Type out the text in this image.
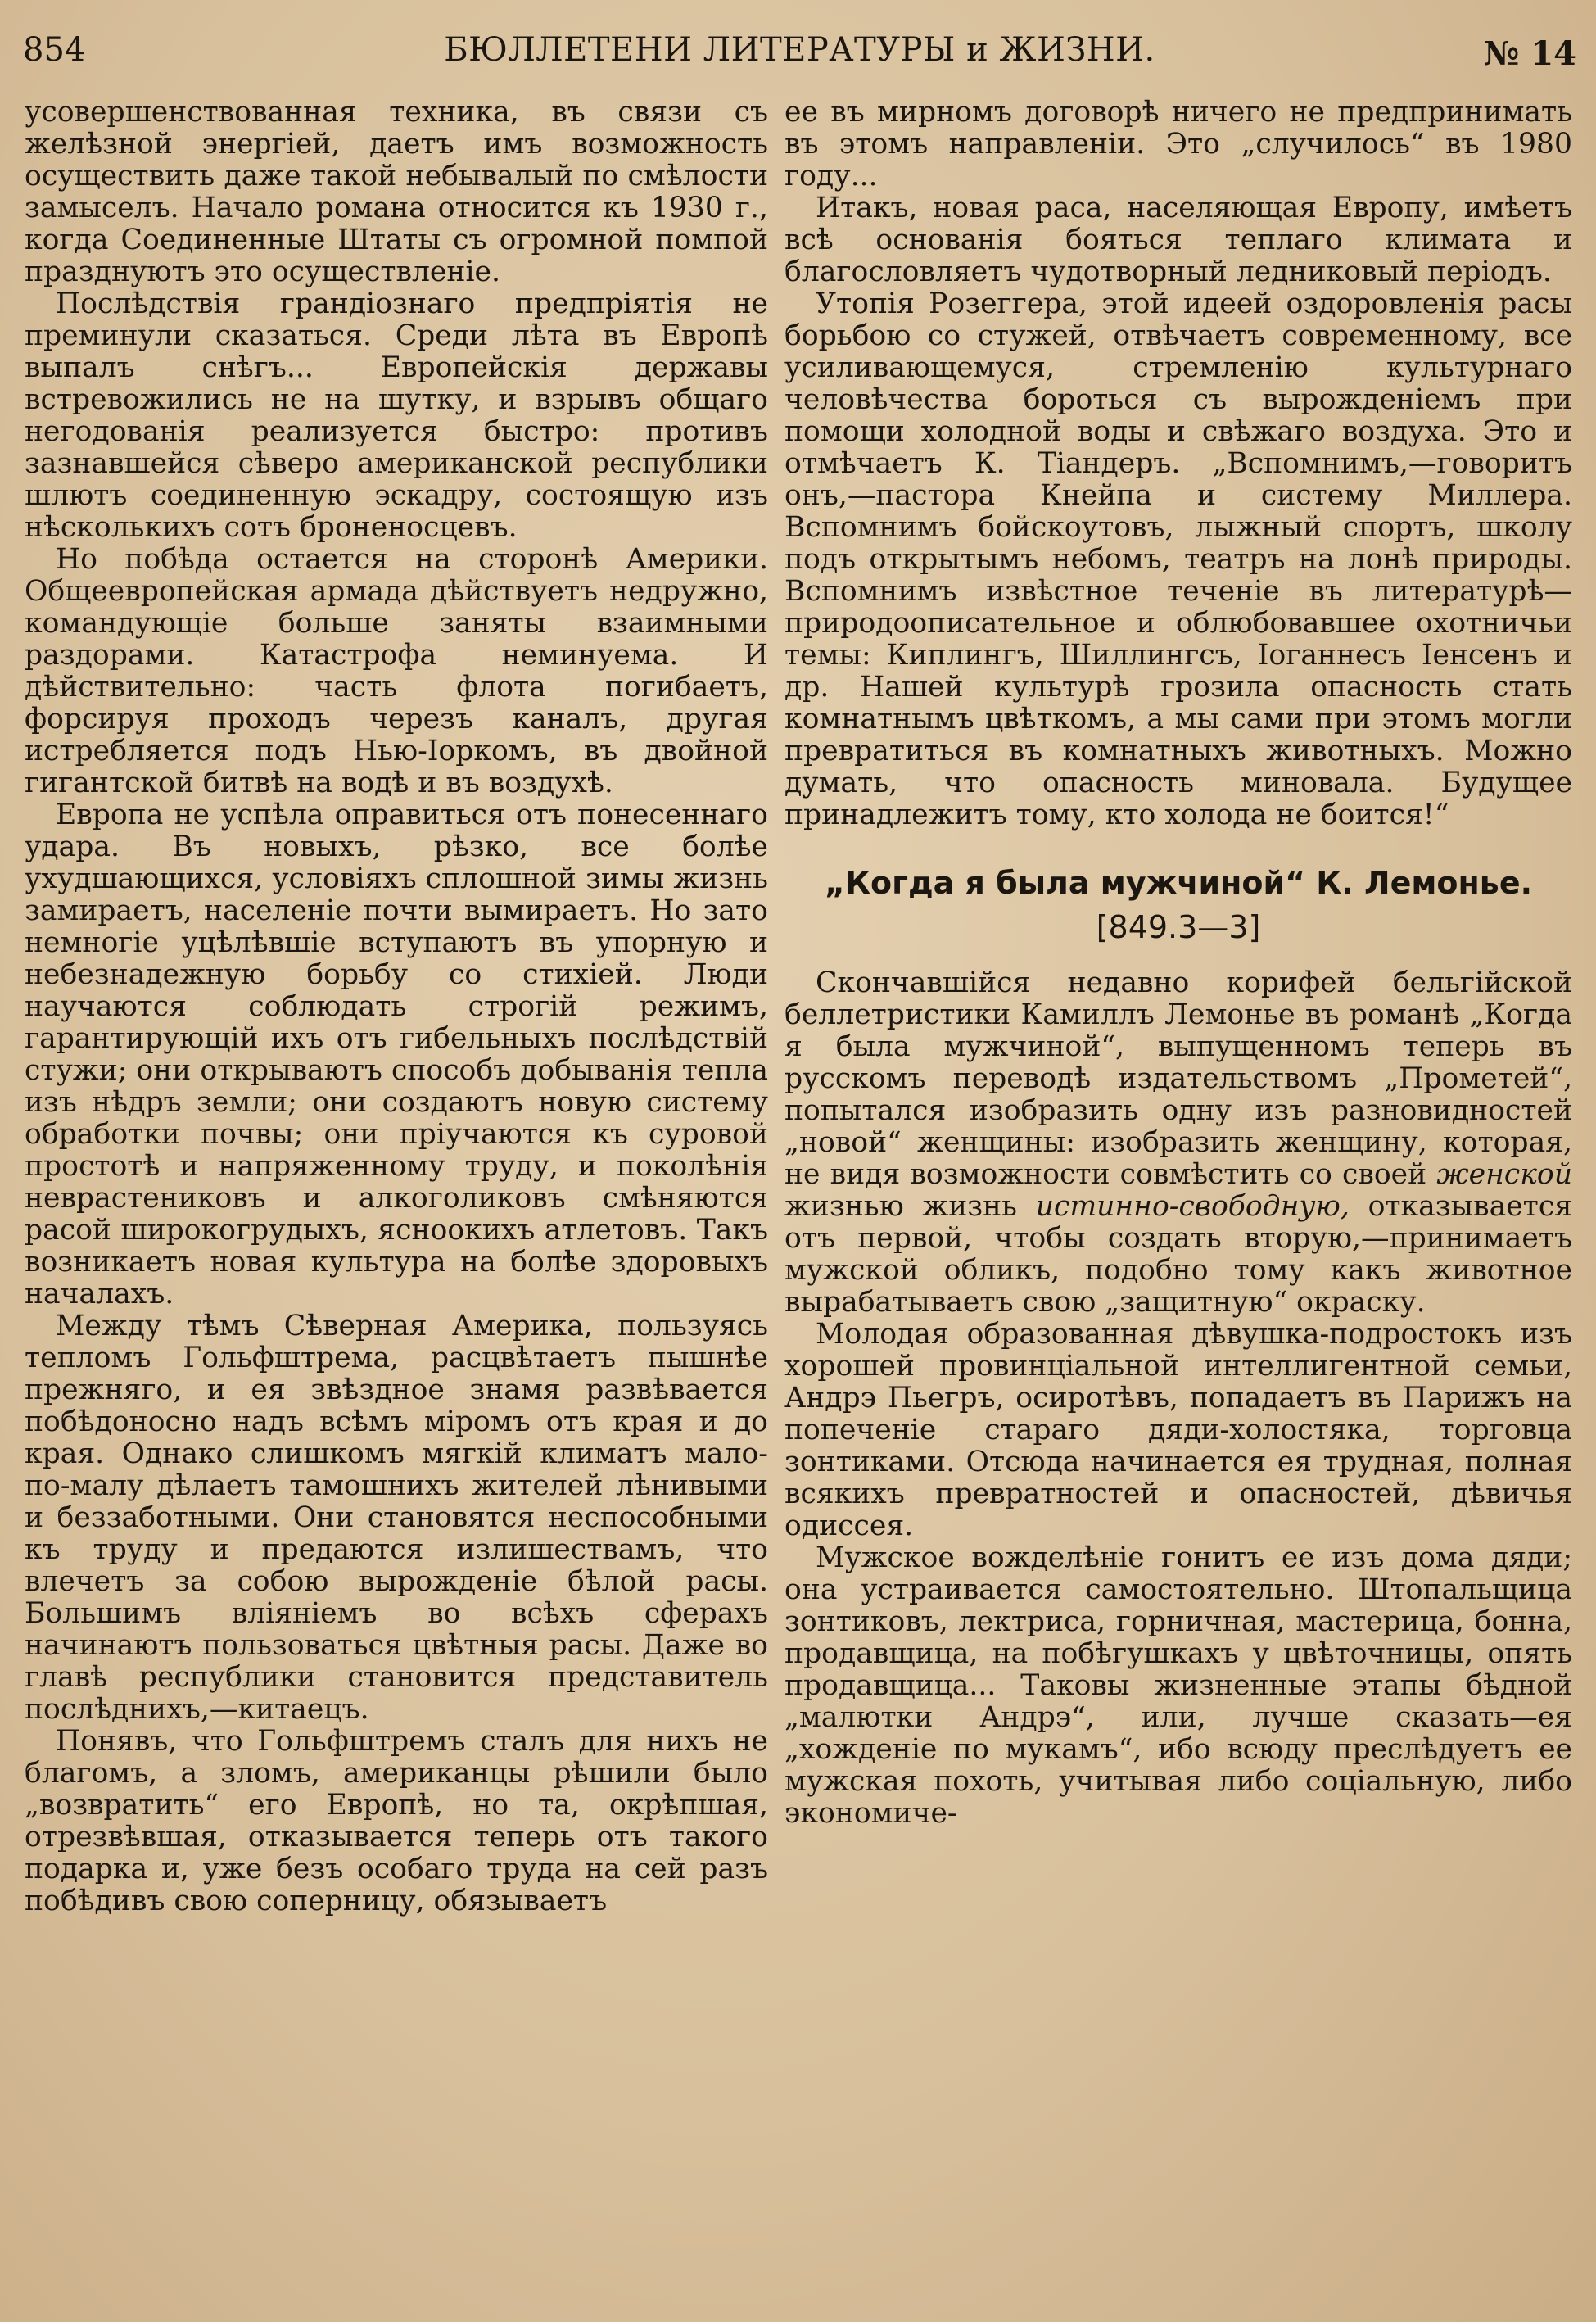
854	БЮЛЛЕТЕНИ ЛИТЕРАТУРЫ и ЖИЗНИ.	№ 14

усовершенствованная техника, въ связи съ желѣзной энергiей, даетъ имъ возможность осуществить даже такой небывалый по смѣлости замыселъ. Начало романа относится къ 1930 г., когда Соединенные Штаты съ огромной помпой празднуютъ это осуществленiе.

Послѣдствiя грандiознаго предпрiятiя не преминули сказаться. Среди лѣта въ Европѣ выпалъ снѣгъ... Европейскiя державы встревожились не на шутку, и взрывъ общаго негодованiя реализуется быстро: противъ зазнавшейся сѣверо американской республики шлютъ соединенную эскадру, состоящую изъ нѣсколькихъ сотъ броненосцевъ.

Но побѣда остается на сторонѣ Америки. Общеевропейская армада дѣйствуетъ недружно, командующiе больше заняты взаимными раздорами. Катастрофа неминуема. И дѣйствительно: часть флота погибаетъ, форсируя проходъ черезъ каналъ, другая истребляется подъ Нью-Iоркомъ, въ двойной гигантской битвѣ на водѣ и въ воздухѣ.

Европа не успѣла оправиться отъ понесеннаго удара. Въ новыхъ, рѣзко, все болѣе ухудшающихся, условiяхъ сплошной зимы жизнь замираетъ, населенiе почти вымираетъ. Но зато немногiе уцѣлѣвшiе вступаютъ въ упорную и небезнадежную борьбу со стихiей. Люди научаются соблюдать строгiй режимъ, гарантирующiй ихъ отъ гибельныхъ послѣдствiй стужи; они открываютъ способъ добыванiя тепла изъ нѣдръ земли; они создаютъ новую систему обработки почвы; они прiучаются къ суровой простотѣ и напряженному труду, и поколѣнiя неврастениковъ и алкоголиковъ смѣняются расой широкогрудыхъ, ясноокихъ атлетовъ. Такъ возникаетъ новая культура на болѣе здоровыхъ началахъ.

Между тѣмъ Сѣверная Америка, пользуясь тепломъ Гольфштрема, расцвѣтаетъ пышнѣе прежняго, и ея звѣздное знамя развѣвается побѣдоносно надъ всѣмъ мiромъ отъ края и до края. Однако слишкомъ мягкiй климатъ мало-по-малу дѣлаетъ тамошнихъ жителей лѣнивыми и беззаботными. Они становятся неспособными къ труду и предаются излишествамъ, что влечетъ за собою вырожденiе бѣлой расы. Большимъ влiянiемъ во всѣхъ сферахъ начинаютъ пользоваться цвѣтныя расы. Даже во главѣ республики становится представитель послѣднихъ,—китаецъ.

Понявъ, что Гольфштремъ сталъ для нихъ не благомъ, а зломъ, американцы рѣшили было „возвратить“ его Европѣ, но та, окрѣпшая, отрезвѣвшая, отказывается теперь отъ такого подарка и, уже безъ особаго труда на сей разъ побѣдивъ свою соперницу, обязываетъ

ее въ мирномъ договорѣ ничего не предпринимать въ этомъ направленiи. Это „случилось“ въ 1980 году...

Итакъ, новая раса, населяющая Европу, имѣетъ всѣ основанiя бояться теплаго климата и благословляетъ чудотворный ледниковый перiодъ.

Утопiя Розеггера, этой идеей оздоровленiя расы борьбою со стужей, отвѣчаетъ современному, все усиливающемуся, стремленiю культурнаго человѣчества бороться съ вырожденiемъ при помощи холодной воды и свѣжаго воздуха. Это и отмѣчаетъ К. Тiандеръ. „Вспомнимъ,—говоритъ онъ,—пастора Кнейпа и систему Миллера. Вспомнимъ бойскоутовъ, лыжный спортъ, школу подъ открытымъ небомъ, театръ на лонѣ природы. Вспомнимъ извѣстное теченiе въ литературѣ—природоописательное и облюбовавшее охотничьи темы: Киплингъ, Шиллингсъ, Iоганнесъ Iенсенъ и др. Нашей культурѣ грозила опасность стать комнатнымъ цвѣткомъ, а мы сами при этомъ могли превратиться въ комнатныхъ животныхъ. Можно думать, что опасность миновала. Будущее принадлежитъ тому, кто холода не боится!“

„Когда я была мужчиной“ К. Лемонье.
[849.3—3]

Скончавшiйся недавно корифей бельгiйской беллетристики Камиллъ Лемонье въ романѣ „Когда я была мужчиной“, выпущенномъ теперь въ русскомъ переводѣ издательствомъ „Прометей“, попытался изобразить одну изъ разновидностей „новой“ женщины: изобразить женщину, которая, не видя возможности совмѣстить со своей женской жизнью жизнь истинно-свободную, отказывается отъ первой, чтобы создать вторую,—принимаетъ мужской обликъ, подобно тому какъ животное вырабатываетъ свою „защитную“ окраску.

Молодая образованная дѣвушка-подростокъ изъ хорошей провинцiальной интеллигентной семьи, Андрэ Пьегръ, осиротѣвъ, попадаетъ въ Парижъ на попеченiе стараго дяди-холостяка, торговца зонтиками. Отсюда начинается ея трудная, полная всякихъ превратностей и опасностей, дѣвичья одиссея.

Мужское вожделѣнiе гонитъ ее изъ дома дяди; она устраивается самостоятельно. Штопальщица зонтиковъ, лектриса, горничная, мастерица, бонна, продавщица, на побѣгушкахъ у цвѣточницы, опять продавщица... Таковы жизненные этапы бѣдной „малютки Андрэ“, или, лучше сказать—ея „хожденiе по мукамъ“, ибо всюду преслѣдуетъ ее мужская похоть, учитывая либо соцiальную, либо экономиче-
